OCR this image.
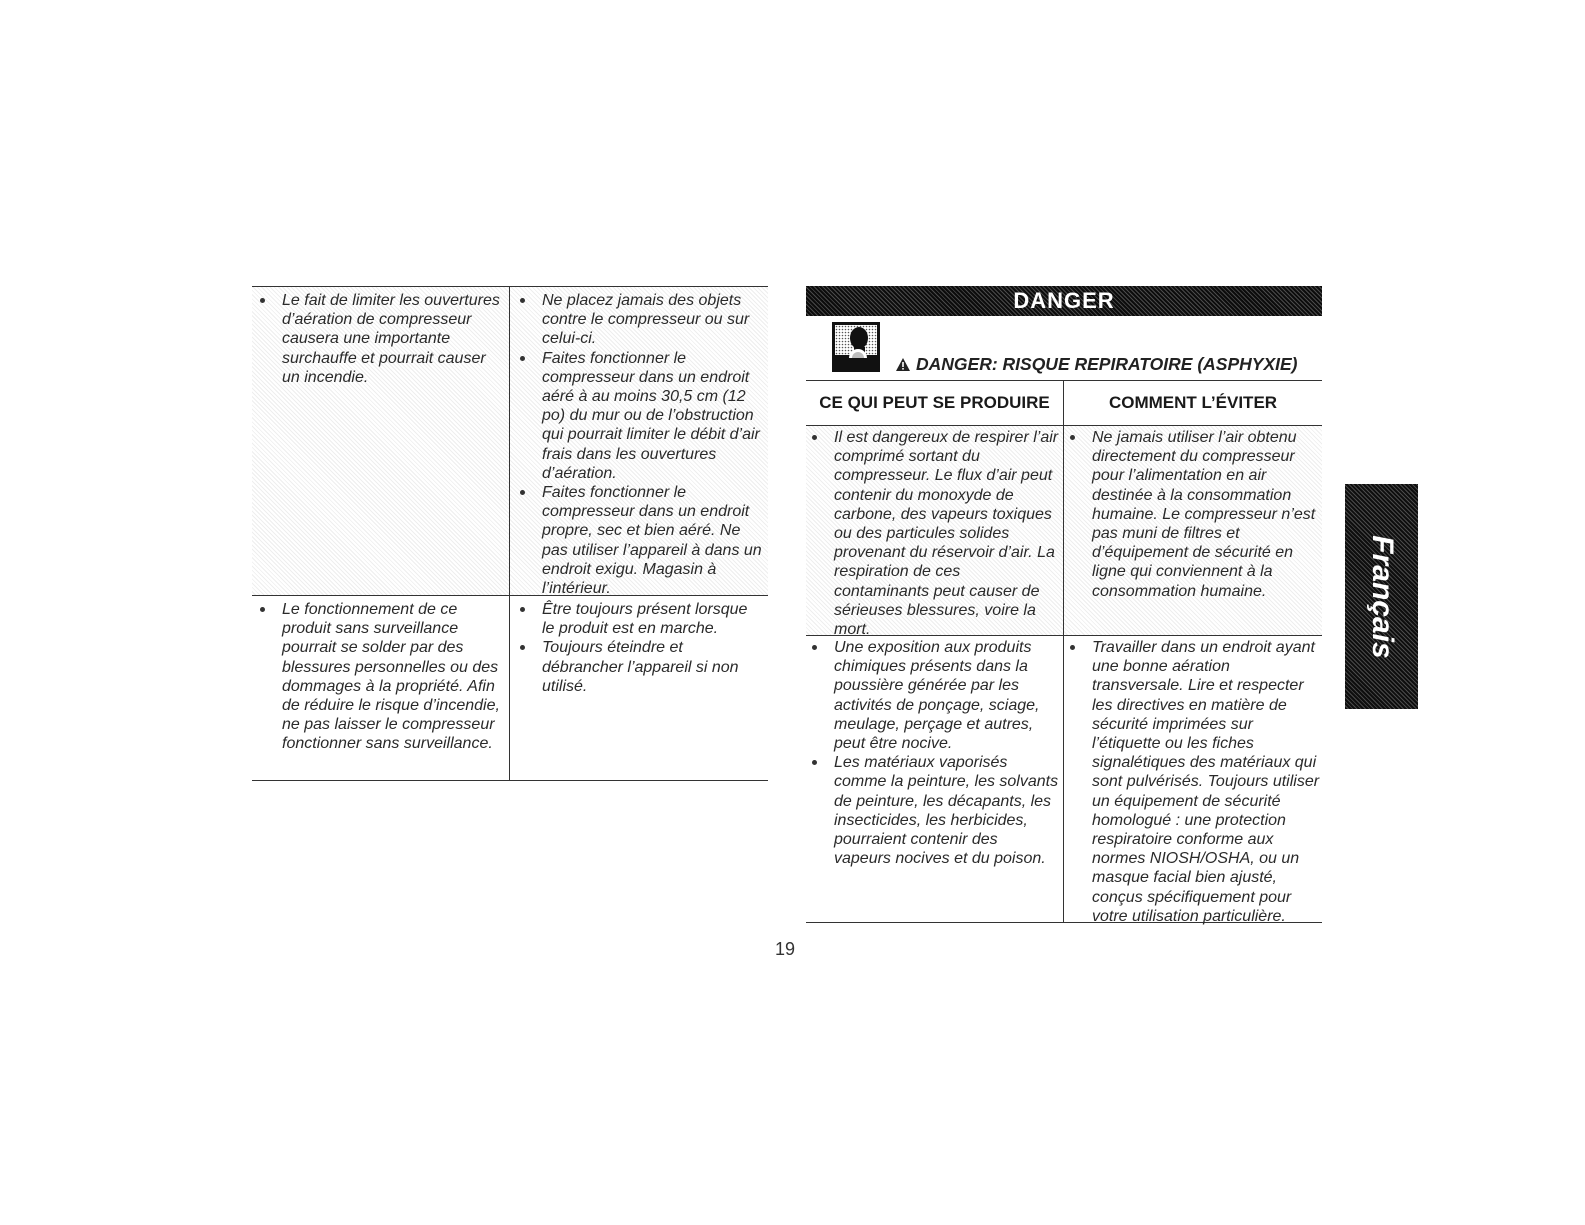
Le fait de limiter les ouvertures d’aération de compresseur causera une importante surchauffe et pourrait causer un incendie.
Ne placez jamais des objets contre le compresseur ou sur celui-ci.
Faites fonctionner le compresseur dans un endroit aéré à au moins 30,5 cm (12 po) du mur ou de l’obstruction qui pourrait limiter le débit d’air frais dans les ouvertures d’aération.
Faites fonctionner le compresseur dans un endroit propre, sec et bien aéré. Ne pas utiliser l’appareil à dans un endroit exigu. Magasin à l’intérieur.
Le fonctionnement de ce produit sans surveillance pourrait se solder par des blessures personnelles ou des dommages à la propriété. Afin de réduire le risque d’incendie, ne pas laisser le compresseur fonctionner sans surveillance.
Être toujours présent lorsque le produit est en marche.
Toujours éteindre et débrancher l’appareil si non utilisé.
DANGER
DANGER: RISQUE REPIRATOIRE (ASPHYXIE)
CE QUI PEUT SE PRODUIRE	COMMENT L’ÉVITER
Il est dangereux de respirer l’air comprimé sortant du compresseur. Le flux d’air peut contenir du monoxyde de carbone, des vapeurs toxiques ou des particules solides provenant du réservoir d’air. La respiration de ces contaminants peut causer de sérieuses blessures, voire la mort.
Ne jamais utiliser l’air obtenu directement du compresseur pour l’alimentation en air destinée à la consommation humaine. Le compresseur n’est pas muni de filtres et d’équipement de sécurité en ligne qui conviennent à la consommation humaine.
Une exposition aux produits chimiques présents dans la poussière générée par les activités de ponçage, sciage, meulage, perçage et autres, peut être nocive.
Les matériaux vaporisés comme la peinture, les solvants de peinture, les décapants, les insecticides, les herbicides, pourraient contenir des vapeurs nocives et du poison.
Travailler dans un endroit ayant une bonne aération transversale. Lire et respecter les directives en matière de sécurité imprimées sur l’étiquette ou les fiches signalétiques des matériaux qui sont pulvérisés. Toujours utiliser un équipement de sécurité homologué : une protection respiratoire conforme aux normes NIOSH/OSHA, ou un masque facial bien ajusté, conçus spécifiquement pour votre utilisation particulière.
19
Français
